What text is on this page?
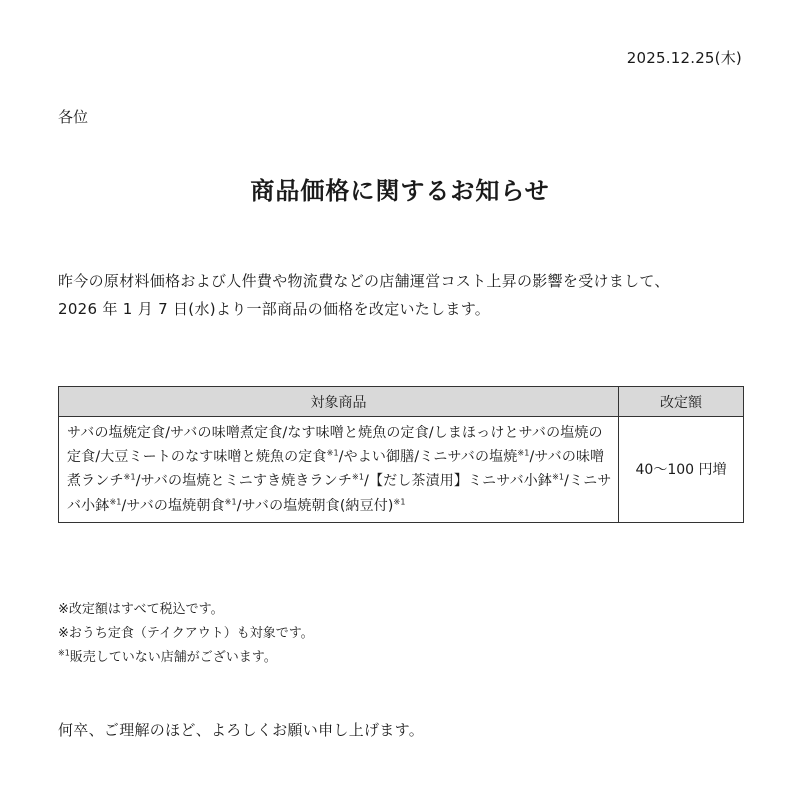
2025.12.25(木)
各位
商品価格に関するお知らせ

昨今の原材料価格および人件費や物流費などの店舗運営コスト上昇の影響を受けまして、

2026 年 1 月 7 日(水)より一部商品の価格を改定いたします。

対象商品	改定額
サバの塩焼定食/サバの味噌煮定食/なす味噌と焼魚の定食/しまほっけとサバの塩焼の定食/大豆ミートのなす味噌と焼魚の定食$^{※1}$/やよい御膳/ミニサバの塩焼$^{※1}$/サバの味噌煮ランチ$^{※1}$/サバの塩焼とミニすき焼きランチ$^{※1}$/【だし茶漬用】ミニサバ小鉢$^{※1}$/ミニサバ小鉢$^{※1}$/サバの塩焼朝食$^{※1}$/サバの塩焼朝食(納豆付)$^{※1}$	40～100 円増

※改定額はすべて税込です。

※おうち定食（テイクアウト）も対象です。

$^{※1}$販売していない店舗がございます。

何卒、ご理解のほど、よろしくお願い申し上げます。
